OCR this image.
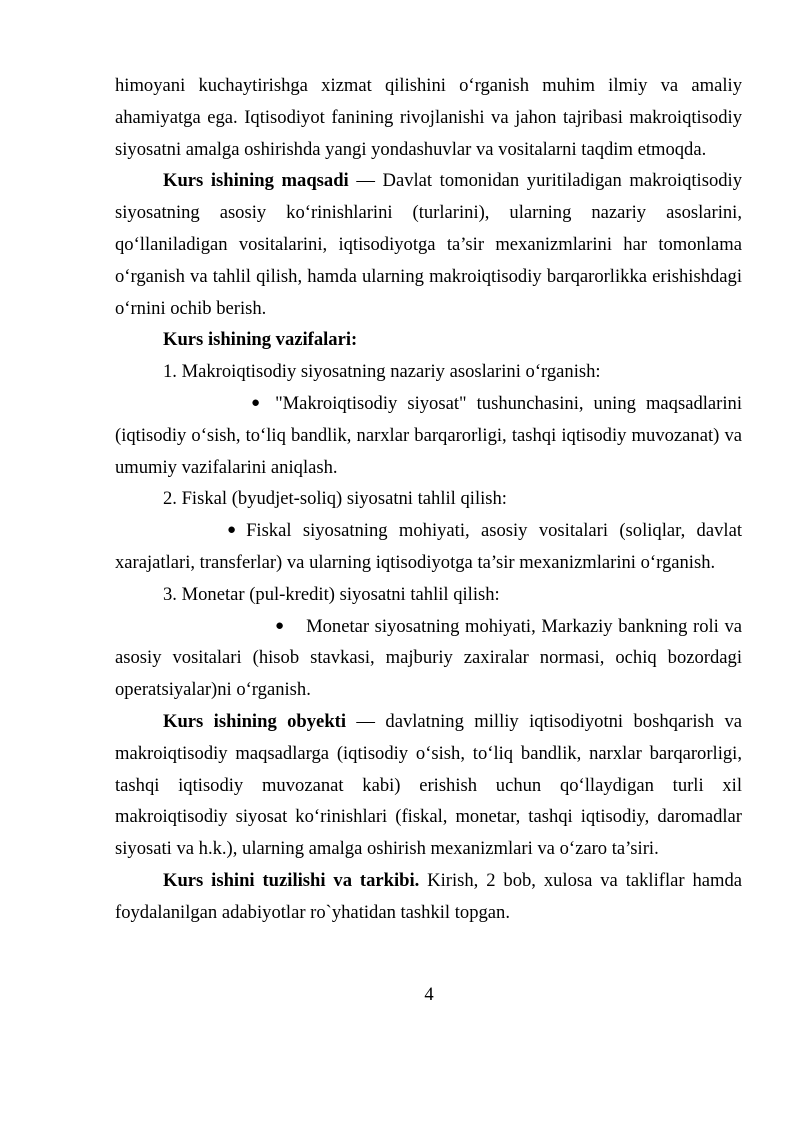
himoyani kuchaytirishga xizmat qilishini o‘rganish muhim ilmiy va amaliy ahamiyatga ega. Iqtisodiyot fanining rivojlanishi va jahon tajribasi makroiqtisodiy siyosatni amalga oshirishda yangi yondashuvlar va vositalarni taqdim etmoqda.

Kurs ishining maqsadi — Davlat tomonidan yuritiladigan makroiqtisodiy siyosatning asosiy ko‘rinishlarini (turlarini), ularning nazariy asoslarini, qo‘llaniladigan vositalarini, iqtisodiyotga ta’sir mexanizmlarini har tomonlama o‘rganish va tahlil qilish, hamda ularning makroiqtisodiy barqarorlikka erishishdagi o‘rnini ochib berish.

Kurs ishining vazifalari:

1. Makroiqtisodiy siyosatning nazariy asoslarini o‘rganish:

● "Makroiqtisodiy siyosat" tushunchasini, uning maqsadlarini (iqtisodiy o‘sish, to‘liq bandlik, narxlar barqarorligi, tashqi iqtisodiy muvozanat) va umumiy vazifalarini aniqlash.

2. Fiskal (byudjet-soliq) siyosatni tahlil qilish:

● Fiskal siyosatning mohiyati, asosiy vositalari (soliqlar, davlat xarajatlari, transferlar) va ularning iqtisodiyotga ta’sir mexanizmlarini o‘rganish.

3. Monetar (pul-kredit) siyosatni tahlil qilish:

● Monetar siyosatning mohiyati, Markaziy bankning roli va asosiy vositalari (hisob stavkasi, majburiy zaxiralar normasi, ochiq bozordagi operatsiyalar)ni o‘rganish.

Kurs ishining obyekti — davlatning milliy iqtisodiyotni boshqarish va makroiqtisodiy maqsadlarga (iqtisodiy o‘sish, to‘liq bandlik, narxlar barqarorligi, tashqi iqtisodiy muvozanat kabi) erishish uchun qo‘llaydigan turli xil makroiqtisodiy siyosat ko‘rinishlari (fiskal, monetar, tashqi iqtisodiy, daromadlar siyosati va h.k.), ularning amalga oshirish mexanizmlari va o‘zaro ta’siri.

Kurs ishini tuzilishi va tarkibi. Kirish, 2 bob, xulosa va takliflar hamda foydalanilgan adabiyotlar ro`yhatidan tashkil topgan.

4
